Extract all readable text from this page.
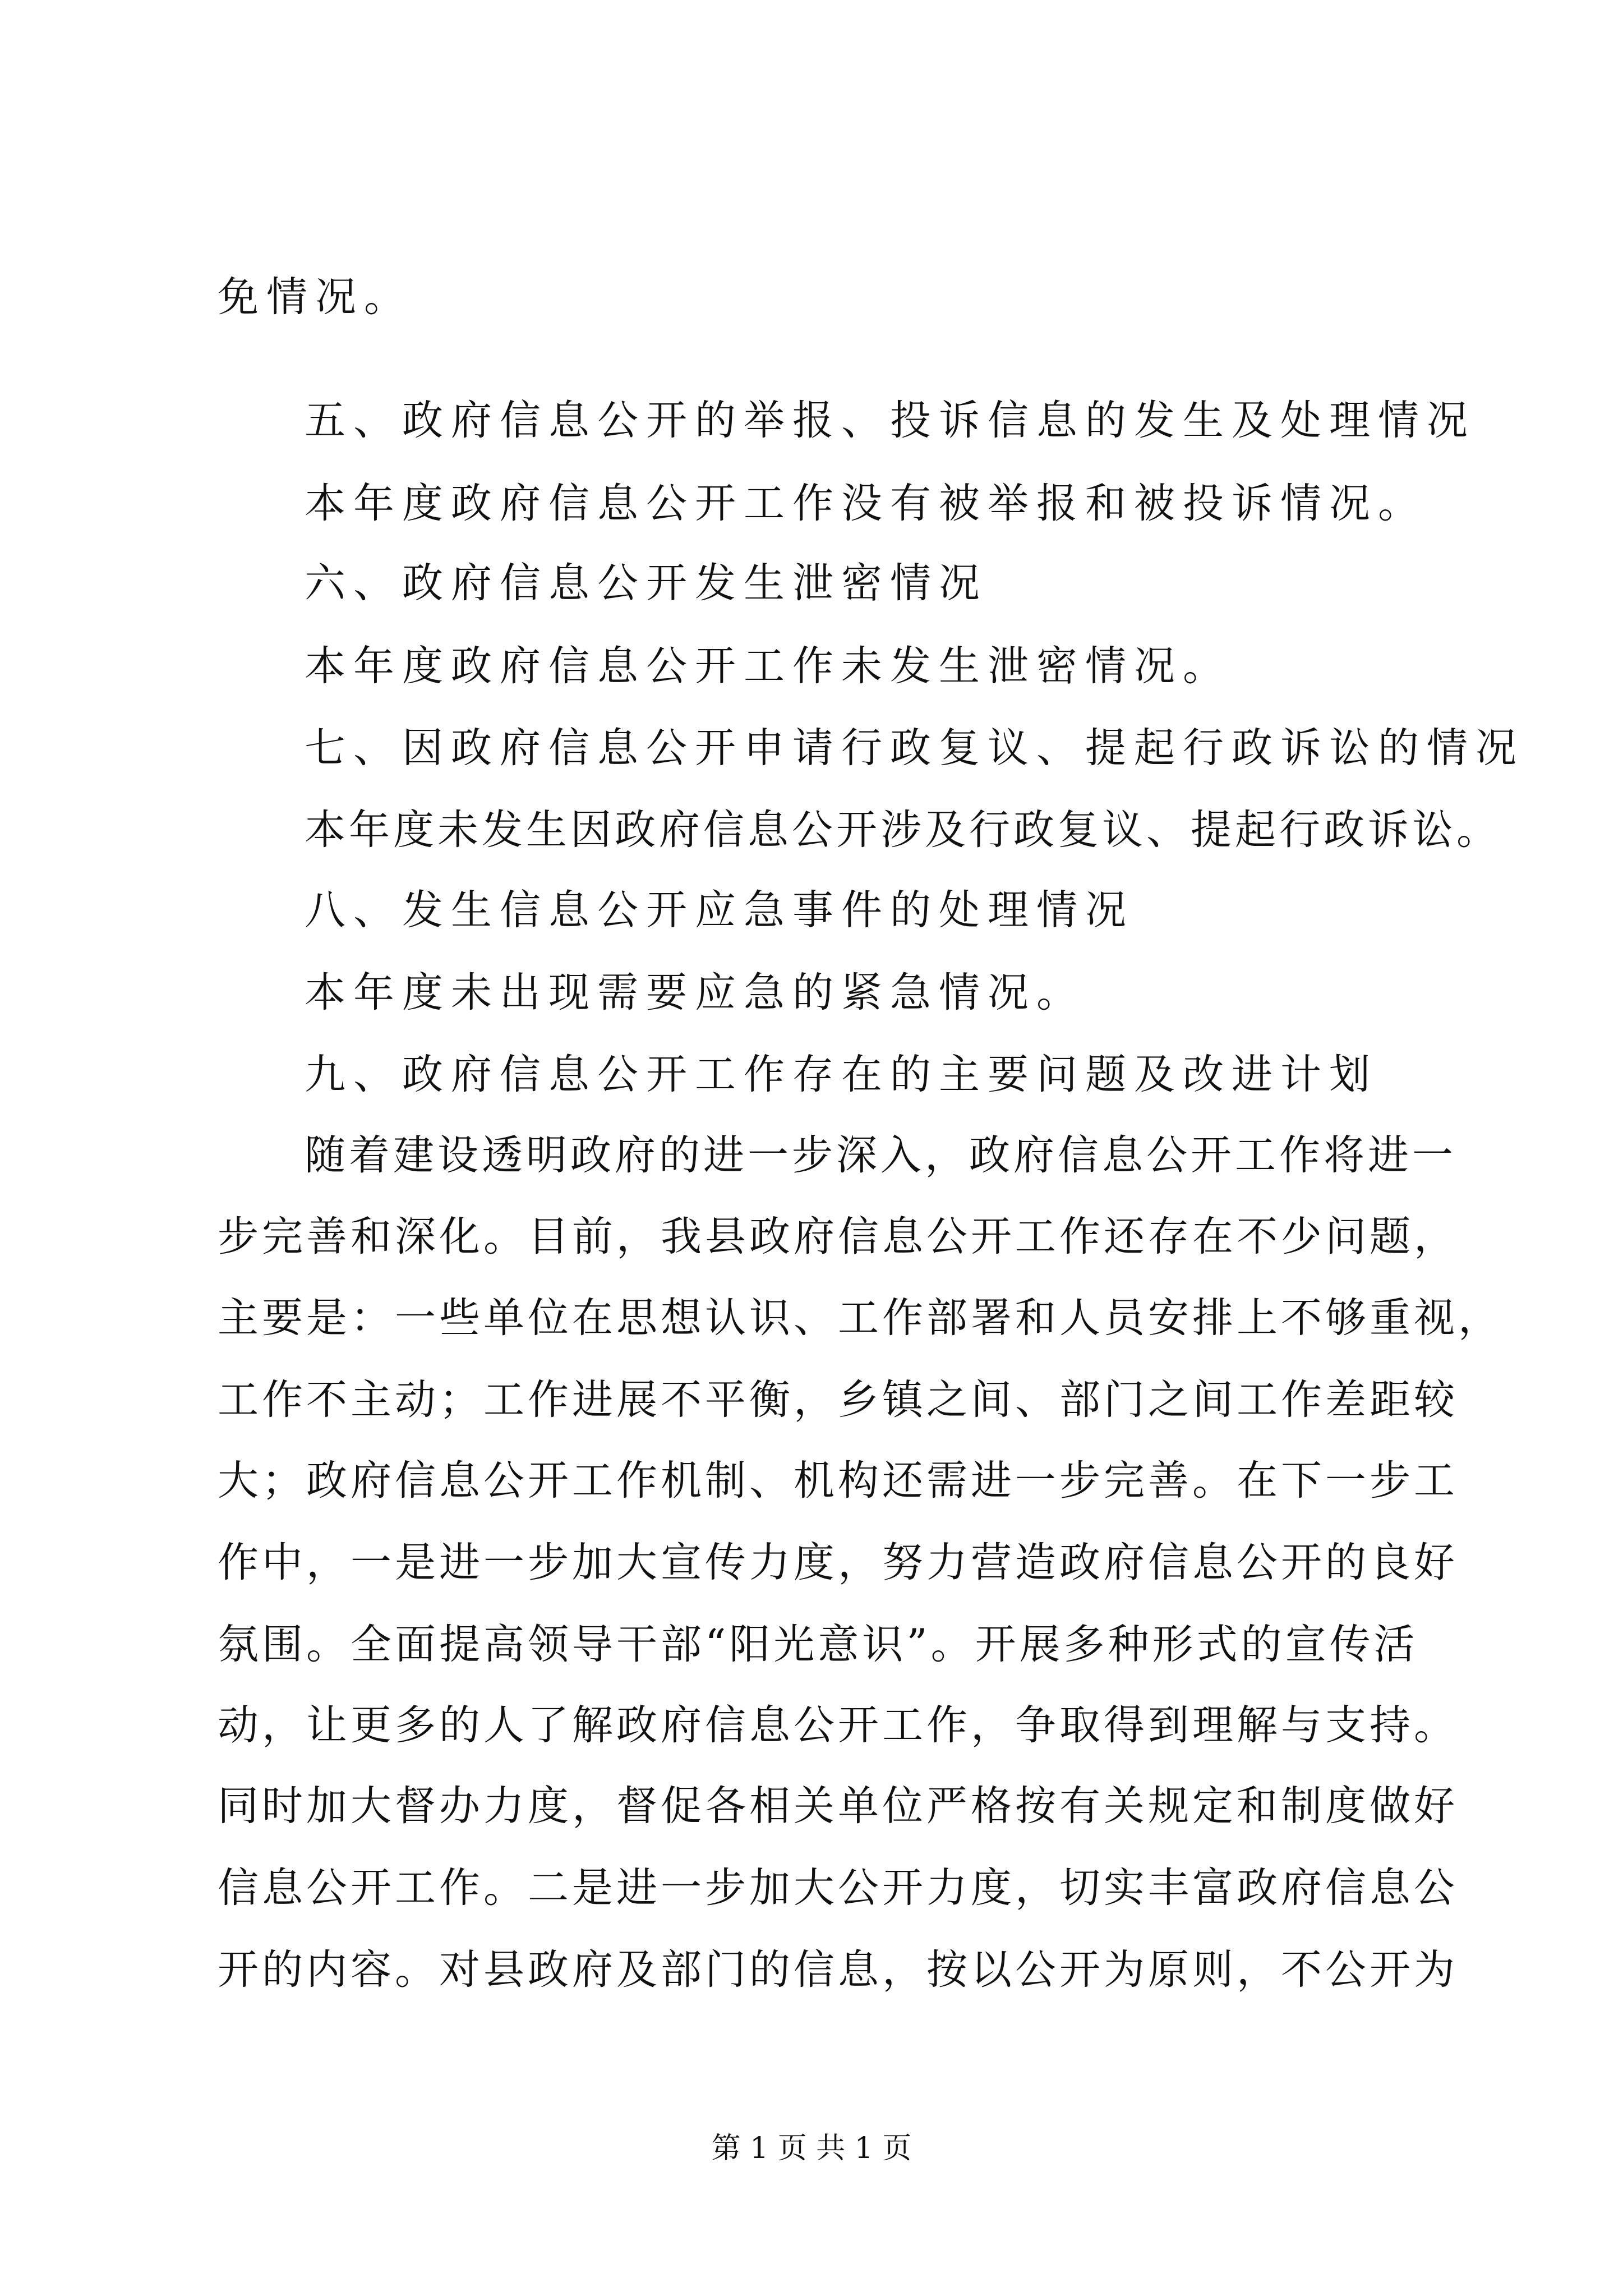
免情况。
五、政府信息公开的举报、投诉信息的发生及处理情况
本年度政府信息公开工作没有被举报和被投诉情况。
六、政府信息公开发生泄密情况
本年度政府信息公开工作未发生泄密情况。
七、因政府信息公开申请行政复议、提起行政诉讼的情况
本年度未发生因政府信息公开涉及行政复议、提起行政诉讼。
八、发生信息公开应急事件的处理情况
本年度未出现需要应急的紧急情况。
九、政府信息公开工作存在的主要问题及改进计划
随着建设透明政府的进一步深入，政府信息公开工作将进一
步完善和深化。目前，我县政府信息公开工作还存在不少问题，
主要是：一些单位在思想认识、工作部署和人员安排上不够重视，
工作不主动；工作进展不平衡，乡镇之间、部门之间工作差距较
大；政府信息公开工作机制、机构还需进一步完善。在下一步工
作中，一是进一步加大宣传力度，努力营造政府信息公开的良好
氛围。全面提高领导干部“阳光意识”。开展多种形式的宣传活
动，让更多的人了解政府信息公开工作，争取得到理解与支持。
同时加大督办力度，督促各相关单位严格按有关规定和制度做好
信息公开工作。二是进一步加大公开力度，切实丰富政府信息公
开的内容。对县政府及部门的信息，按以公开为原则，不公开为
第 1 页 共 1 页
